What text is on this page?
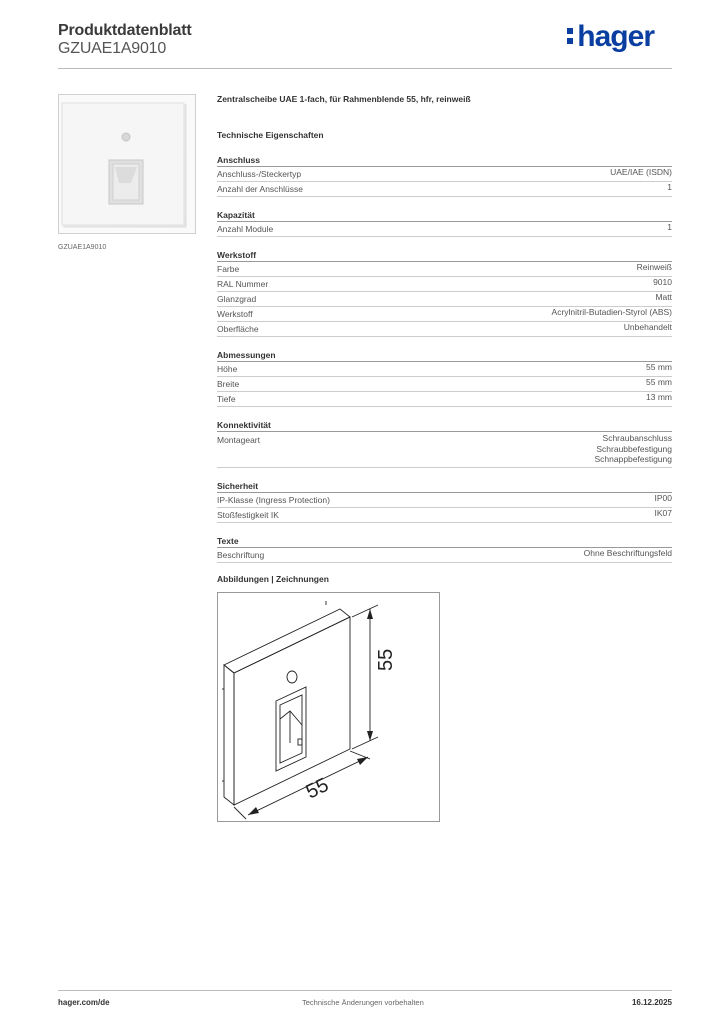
Produktdatenblatt
GZUAE1A9010	hager
GZUAE1A9010
Zentralscheibe UAE 1-fach, für Rahmenblende 55, hfr, reinweiß
Technische Eigenschaften
Anschluss
Anschluss-/Steckertyp	UAE/IAE (ISDN)
Anzahl der Anschlüsse	1
Kapazität
Anzahl Module	1
Werkstoff
Farbe	Reinweiß
RAL Nummer	9010
Glanzgrad	Matt
Werkstoff	Acrylnitril-Butadien-Styrol (ABS)
Oberfläche	Unbehandelt
Abmessungen
Höhe	55 mm
Breite	55 mm
Tiefe	13 mm
Konnektivität
Montageart	Schraubanschluss
Schraubbefestigung
Schnappbefestigung
Sicherheit
IP-Klasse (Ingress Protection)	IP00
Stoßfestigkeit IK	IK07
Texte
Beschriftung	Ohne Beschriftungsfeld
Abbildungen | Zeichnungen
55
55
hager.com/de	Technische Änderungen vorbehalten	16.12.2025
